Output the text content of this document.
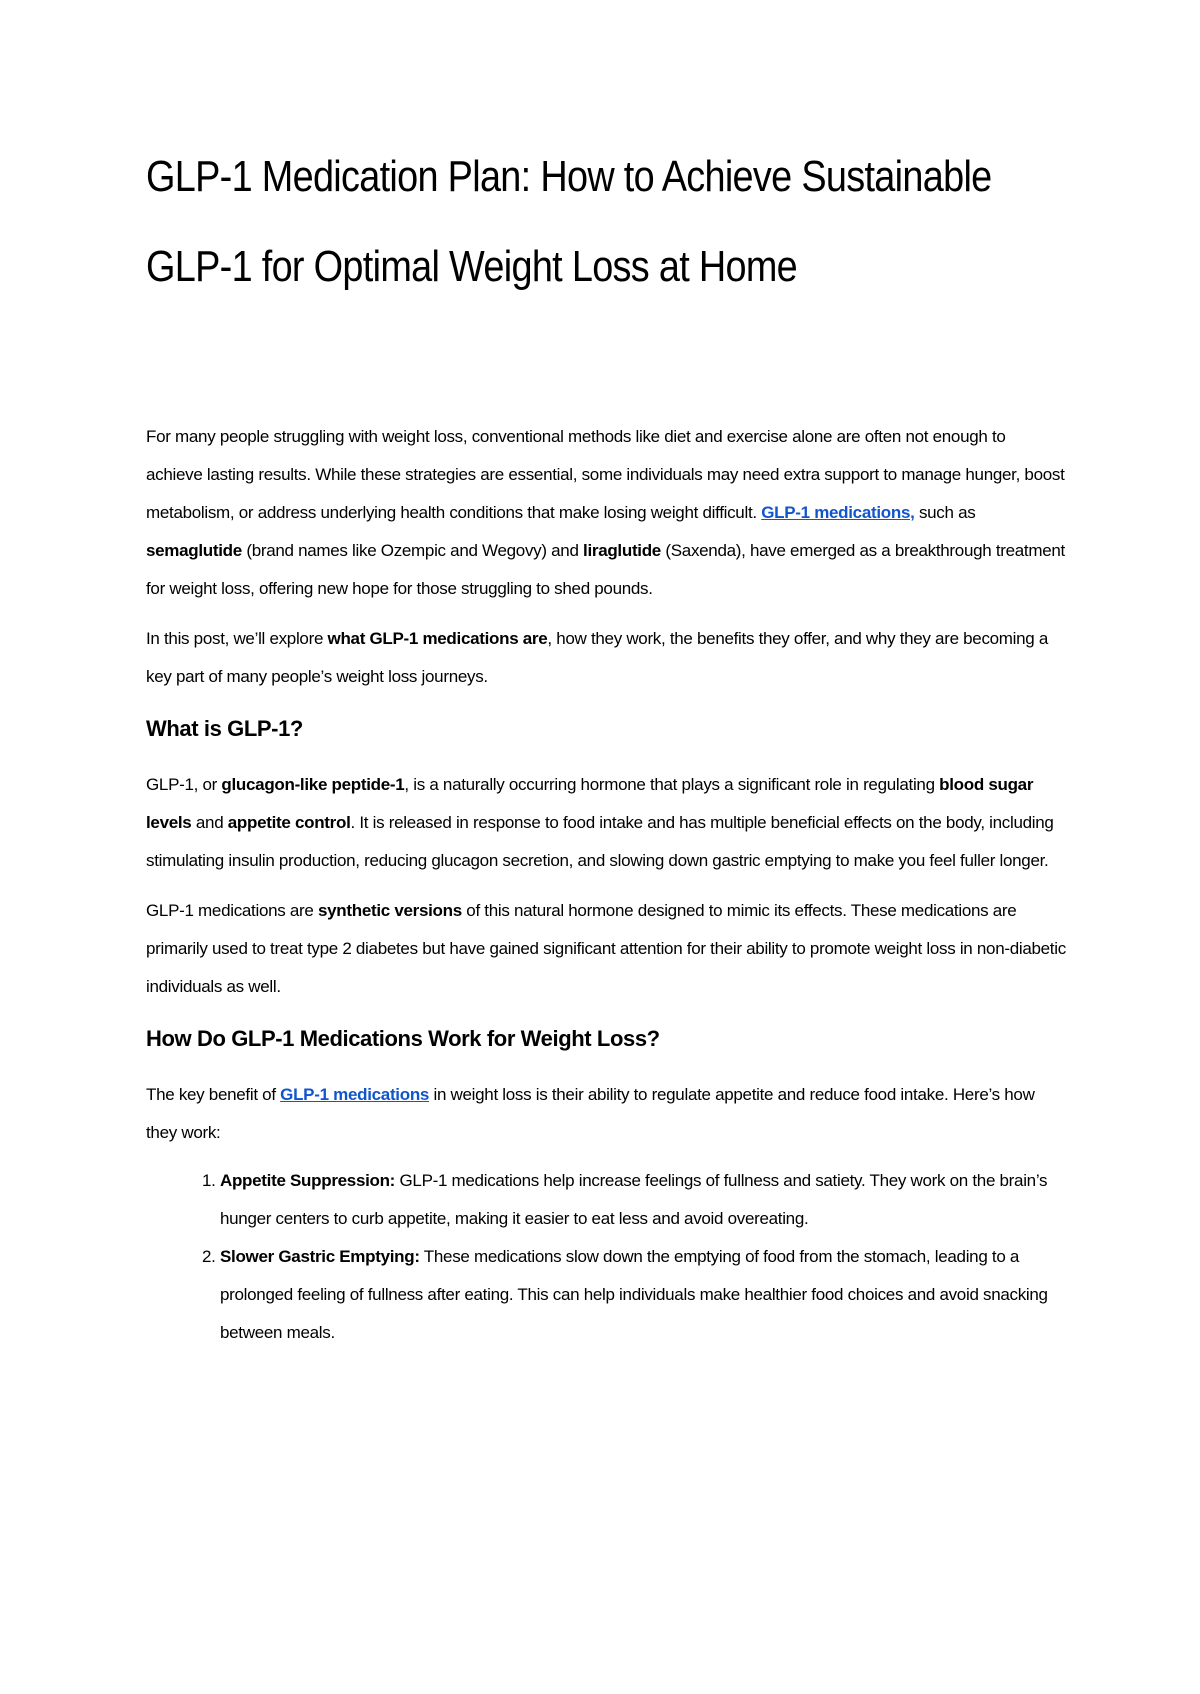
GLP-1 Medication Plan: How to Achieve Sustainable GLP-1 for Optimal Weight Loss at Home

For many people struggling with weight loss, conventional methods like diet and exercise alone are often not enough to achieve lasting results. While these strategies are essential, some individuals may need extra support to manage hunger, boost metabolism, or address underlying health conditions that make losing weight difficult. GLP-1 medications, such as semaglutide (brand names like Ozempic and Wegovy) and liraglutide (Saxenda), have emerged as a breakthrough treatment for weight loss, offering new hope for those struggling to shed pounds.

In this post, we’ll explore what GLP-1 medications are, how they work, the benefits they offer, and why they are becoming a key part of many people’s weight loss journeys.

What is GLP-1?

GLP-1, or glucagon-like peptide-1, is a naturally occurring hormone that plays a significant role in regulating blood sugar levels and appetite control. It is released in response to food intake and has multiple beneficial effects on the body, including stimulating insulin production, reducing glucagon secretion, and slowing down gastric emptying to make you feel fuller longer.

GLP-1 medications are synthetic versions of this natural hormone designed to mimic its effects. These medications are primarily used to treat type 2 diabetes but have gained significant attention for their ability to promote weight loss in non-diabetic individuals as well.

How Do GLP-1 Medications Work for Weight Loss?

The key benefit of GLP-1 medications in weight loss is their ability to regulate appetite and reduce food intake. Here’s how they work:

1. Appetite Suppression: GLP-1 medications help increase feelings of fullness and satiety. They work on the brain’s hunger centers to curb appetite, making it easier to eat less and avoid overeating.
2. Slower Gastric Emptying: These medications slow down the emptying of food from the stomach, leading to a prolonged feeling of fullness after eating. This can help individuals make healthier food choices and avoid snacking between meals.
